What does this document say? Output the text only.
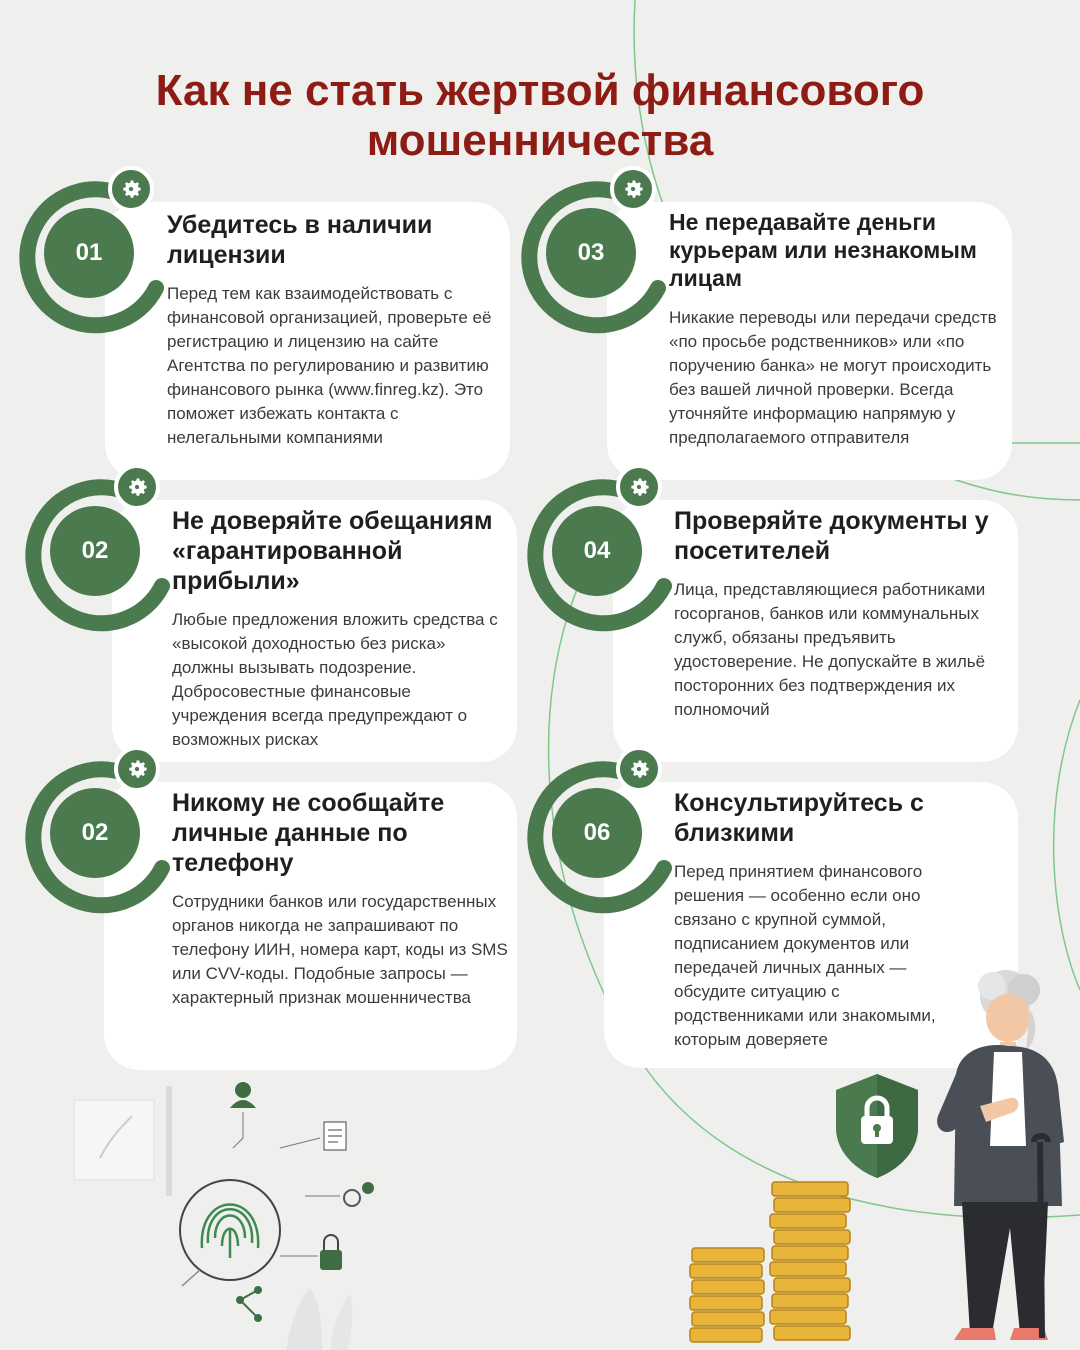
Как не стать жертвой финансового
мошенничества
Убедитесь в наличии лицензии
Перед тем как взаимодействовать с финансовой организацией, проверьте её регистрацию и лицензию на сайте Агентства по регулированию и развитию финансового рынка (www.finreg.kz). Это поможет избежать контакта с нелегальными компаниями
01
Не передавайте деньги курьерам или незнакомым лицам
Никакие переводы или передачи средств «по просьбе родственников» или «по поручению банка» не могут происходить без вашей личной проверки. Всегда уточняйте информацию напрямую у предполагаемого отправителя
03
Не доверяйте обещаниям «гарантированной прибыли»
Любые предложения вложить средства с «высокой доходностью без риска» должны вызывать подозрение. Добросовестные финансовые учреждения всегда предупреждают о возможных рисках
02
Проверяйте документы у посетителей
Лица, представляющиеся работниками госорганов, банков или коммунальных служб, обязаны предъявить удостоверение. Не допускайте в жильё посторонних без подтверждения их полномочий
04
Никому не сообщайте личные данные по телефону
Сотрудники банков или государственных органов никогда не запрашивают по телефону ИИН, номера карт, коды из SMS или CVV-коды. Подобные запросы — характерный признак мошенничества
02
Консультируйтесь с близкими
Перед принятием финансового решения — особенно если оно связано с крупной суммой, подписанием документов или передачей личных данных — обсудите ситуацию с родственниками или знакомыми, которым доверяете
06
